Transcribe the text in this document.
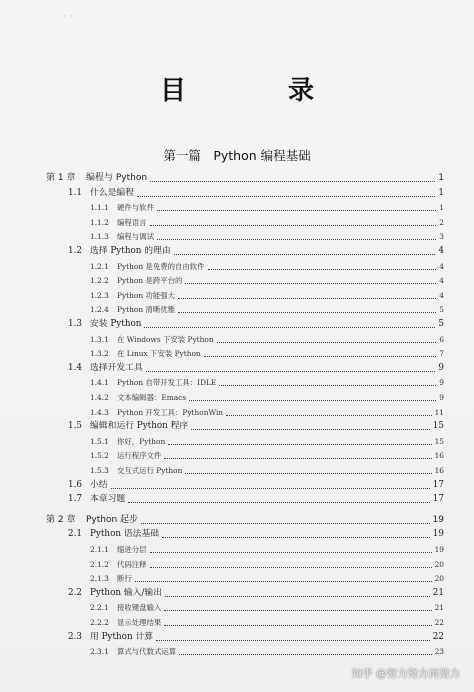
· · · · · ·
目　录
第一篇　Python 编程基础
第 1 章 编程与 Python	1
1.1 什么是编程	1
1.1.1 硬件与软件	1
1.1.2 编程语言	2
1.1.3 编程与调试	3
1.2 选择 Python 的理由	4
1.2.1 Python 是免费的自由软件	4
1.2.2 Python 是跨平台的	4
1.2.3 Python 功能强大	4
1.2.4 Python 清晰优雅	5
1.3 安装 Python	5
1.3.1 在 Windows 下安装 Python	6
1.3.2 在 Linux 下安装 Python	7
1.4 选择开发工具	9
1.4.1 Python 自带开发工具：IDLE	9
1.4.2 文本编辑器：Emacs	9
1.4.3 Python 开发工具：PythonWin	11
1.5 编辑和运行 Python 程序	15
1.5.1 你好，Python	15
1.5.2 运行程序文件	16
1.5.3 交互式运行 Python	16
1.6 小结	17
1.7 本章习题	17
第 2 章 Python 起步	19
2.1 Python 语法基础	19
2.1.1 缩进分层	19
2.1.2 代码注释	20
2.1.3 断行	20
2.2 Python 输入/输出	21
2.2.1 接收键盘输入	21
2.2.2 显示处理结果	22
2.3 用 Python 计算	22
2.3.1 算式与代数式运算	23
知乎 @努力努力再努力
